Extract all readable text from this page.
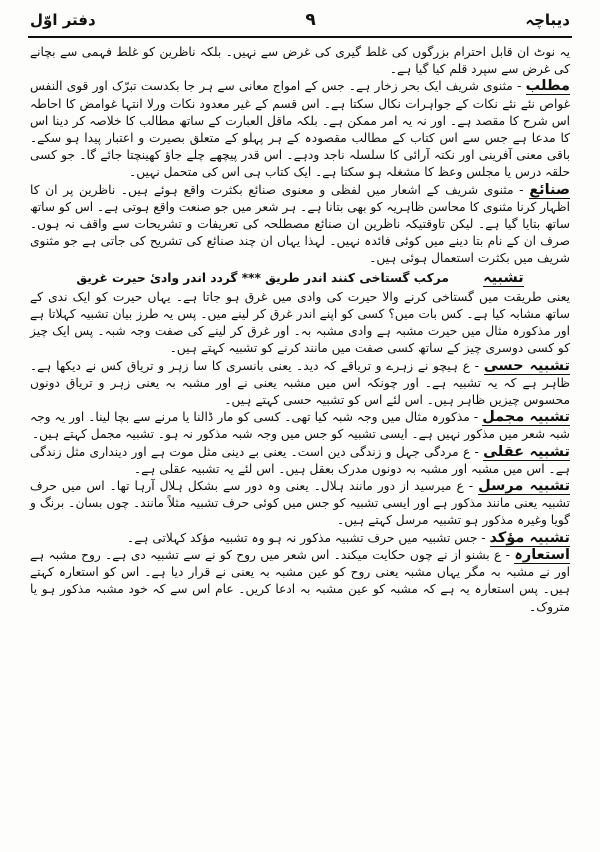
دیباچہ
۹
دفتر اوّل

یہ نوٹ ان قابل احترام بزرگوں کی غلط گیری کی غرض سے نہیں۔ بلکہ ناظرین کو غلط فہمی سے بچانے کی غرض سے سپرد قلم کیا گیا ہے۔

مطلب - مثنوی شریف ایک بحر زخار ہے۔ جس کے امواج معانی سے ہر جا بکدست تبرّک اور قوی النفس غواص نئے نئے نکات کے جواہرات نکال سکتا ہے۔ اس قسم کے غیر معدود نکات ورلا انتہا غوامض کا احاطہ اس شرح کا مقصد ہے۔ اور نہ یہ امر ممکن ہے۔ بلکہ ماقل العبارت کے ساتھ مطالب کا خلاصہ کر دینا اس کا مدعا ہے جس سے اس کتاب کے مطالب مقصودہ کے ہر پہلو کے متعلق بصیرت و اعتبار پیدا ہو سکے۔ باقی معنی آفرینی اور نکتہ آرائی کا سلسلہ ناجد ودہے۔ اس قدر پیچھے چلے جاؤ کھینچتا جائے گا۔ جو کسی حلقہ درس یا مجلس وعظ کا مشغلہ ہو سکتا ہے۔ ایک کتاب ہی اس کی متحمل نہیں۔

صنائع - مثنوی شریف کے اشعار میں لفظی و معنوی صنائع بکثرت واقع ہوئے ہیں۔ ناظرین پر ان کا اظہار کرنا مثنوی کا محاسن ظاہریہ کو بھی بتانا ہے۔ ہر شعر میں جو صنعت واقع ہوتی ہے۔ اس کو ساتھ ساتھ بتایا گیا ہے۔ لیکن تاوقتیکہ ناظرین ان صنائع مصطلحہ کی تعریفات و تشریحات سے واقف نہ ہوں۔ صرف ان کے نام بتا دینے میں کوئی فائدہ نہیں۔ لہذا یہاں ان چند صنائع کی تشریح کی جاتی ہے جو مثنوی شریف میں بکثرت استعمال ہوئی ہیں۔

تشبیہ مرکب گستاخی کنند اندر طریق *** گردد اندر وادیٔ حیرت غریق
یعنی طریقت میں گستاخی کرنے والا حیرت کی وادی میں غرق ہو جاتا ہے۔ یہاں حیرت کو ایک ندی کے ساتھ مشابہ کیا ہے۔ کس بات میں؟ کسی کو اپنے اندر غرق کر لینے میں۔ پس یہ طرز بیان تشبیہ کہلاتا ہے اور مذکورہ مثال میں حیرت مشبہ ہے وادی مشبہ بہ۔ اور غرق کر لینے کی صفت وجہ شبہ۔ پس ایک چیز کو کسی دوسری چیز کے ساتھ کسی صفت میں مانند کرنے کو تشبیہ کہتے ہیں۔

تشبیہ حسی - ع ہیچو نے زہرے و تریاقے کہ دید۔ یعنی بانسری کا سا زہر و تریاق کس نے دیکھا ہے۔ ظاہر ہے کہ یہ تشبیہ ہے۔ اور چونکہ اس میں مشبہ یعنی نے اور مشبہ بہ یعنی زہر و تریاق دونوں محسوس چیزیں ظاہر ہیں۔ اس لئے اس کو تشبیہ حسی کہتے ہیں۔

تشبیہ مجمل - مذکورہ مثال میں وجہ شبہ کیا تھی۔ کسی کو مار ڈالنا یا مرنے سے بچا لینا۔ اور یہ وجہ شبہ شعر میں مذکور نہیں ہے۔ ایسی تشبیہ کو جس میں وجہ شبہ مذکور نہ ہو۔ تشبیہ مجمل کہتے ہیں۔

تشبیہ عقلی - ع مردگی جہل و زندگی دین است۔ یعنی بے دینی مثل موت ہے اور دینداری مثل زندگی ہے۔ اس میں مشبہ اور مشبہ بہ دونوں مدرک بعقل ہیں۔ اس لئے یہ تشبیہ عقلی ہے۔

تشبیہ مرسل - ع میرسید از دور مانند ہلال۔ یعنی وہ دور سے بشکل ہلال آرہا تھا۔ اس میں حرف تشبیہ یعنی مانند مذکور ہے اور ایسی تشبیہ کو جس میں کوئی حرف تشبیہ مثلاً مانند۔ چوں بسان۔ برنگ و گویا وغیرہ مذکور ہو تشبیہ مرسل کہتے ہیں۔

تشبیہ مؤکد - جس تشبیہ میں حرف تشبیہ مذکور نہ ہو وہ تشبیہ مؤکد کہلاتی ہے۔

استعارہ - ع بشنو از نے چوں حکایت میکند۔ اس شعر میں روح کو نے سے تشبیہ دی ہے۔ روح مشبہ ہے اور نے مشبہ بہ مگر یہاں مشبہ یعنی روح کو عین مشبہ بہ یعنی نے قرار دیا ہے۔ اس کو استعارہ کہتے ہیں۔ پس استعارہ یہ ہے کہ مشبہ کو عین مشبہ بہ ادعا کریں۔ عام اس سے کہ خود مشبہ مذکور ہو یا متروک۔
